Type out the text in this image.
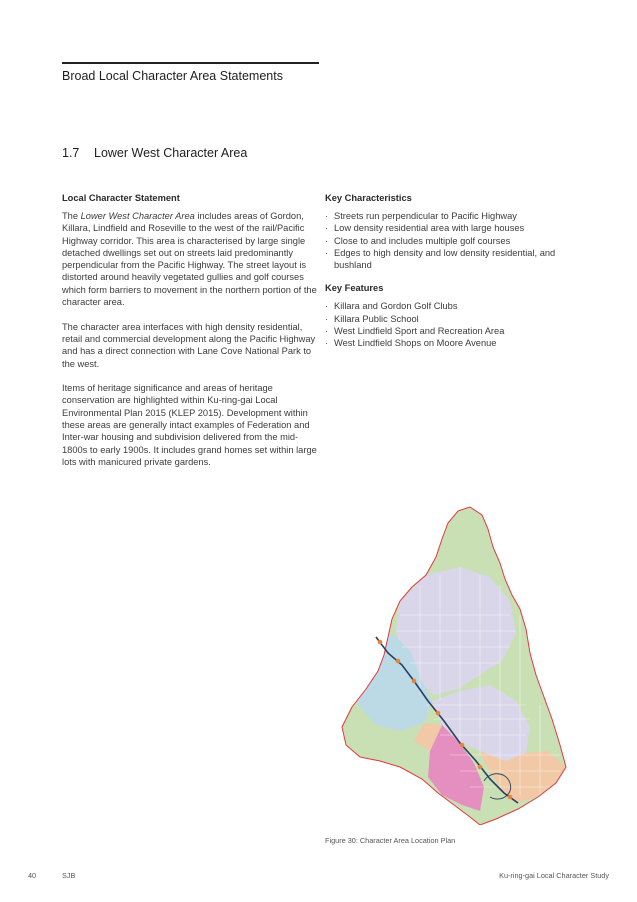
Broad Local Character Area Statements
1.7 Lower West Character Area
Local Character Statement

The Lower West Character Area includes areas of Gordon, Killara, Lindfield and Roseville to the west of the rail/Pacific Highway corridor. This area is characterised by large single detached dwellings set out on streets laid predominantly perpendicular from the Pacific Highway. The street layout is distorted around heavily vegetated gullies and golf courses which form barriers to movement in the northern portion of the character area.

The character area interfaces with high density residential, retail and commercial development along the Pacific Highway and has a direct connection with Lane Cove National Park to the west.

Items of heritage significance and areas of heritage conservation are highlighted within Ku-ring-gai Local Environmental Plan 2015 (KLEP 2015). Development within these areas are generally intact examples of Federation and Inter-war housing and subdivision delivered from the mid-1800s to early 1900s. It includes grand homes set within large lots with manicured private gardens.

Key Characteristics
· Streets run perpendicular to Pacific Highway
· Low density residential area with large houses
· Close to and includes multiple golf courses
· Edges to high density and low density residential, and bushland
Key Features
· Killara and Gordon Golf Clubs
· Killara Public School
· West Lindfield Sport and Recreation Area
· West Lindfield Shops on Moore Avenue
Figure 30: Character Area Location Plan
40	SJB	Ku-ring-gai Local Character Study
